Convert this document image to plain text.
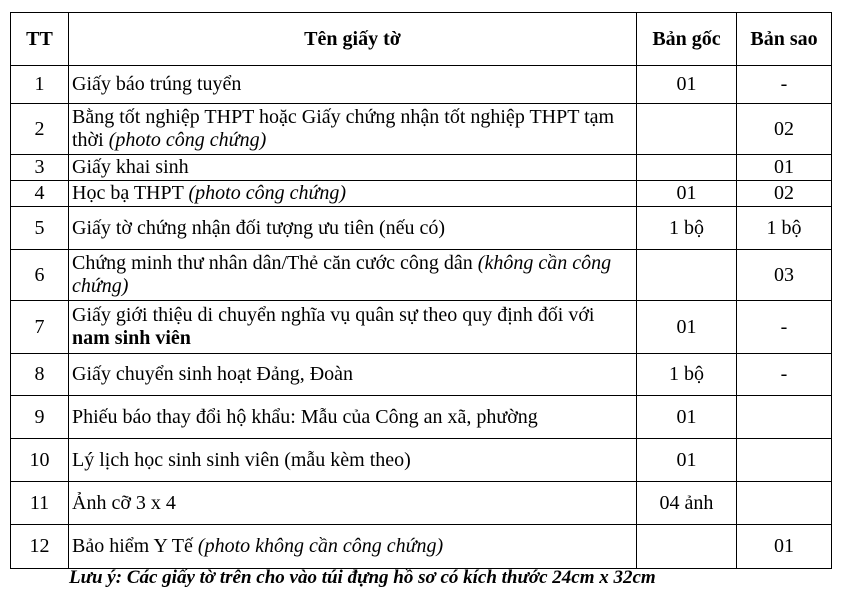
TT	Tên giấy tờ	Bản gốc	Bản sao
1	Giấy báo trúng tuyển	01	-
2	Bằng tốt nghiệp THPT hoặc Giấy chứng nhận tốt nghiệp THPT tạm thời (photo công chứng)		02
3	Giấy khai sinh		01
4	Học bạ THPT (photo công chứng)	01	02
5	Giấy tờ chứng nhận đối tượng ưu tiên (nếu có)	1 bộ	1 bộ
6	Chứng minh thư nhân dân/Thẻ căn cước công dân (không cần công chứng)		03
7	Giấy giới thiệu di chuyển nghĩa vụ quân sự theo quy định đối với nam sinh viên	01	-
8	Giấy chuyển sinh hoạt Đảng, Đoàn	1 bộ	-
9	Phiếu báo thay đổi hộ khẩu: Mẫu của Công an xã, phường	01	
10	Lý lịch học sinh sinh viên (mẫu kèm theo)	01	
11	Ảnh cỡ 3 x 4	04 ảnh	
12	Bảo hiểm Y Tế (photo không cần công chứng)		01
Lưu ý: Các giấy tờ trên cho vào túi đựng hồ sơ có kích thước 24cm x 32cm
